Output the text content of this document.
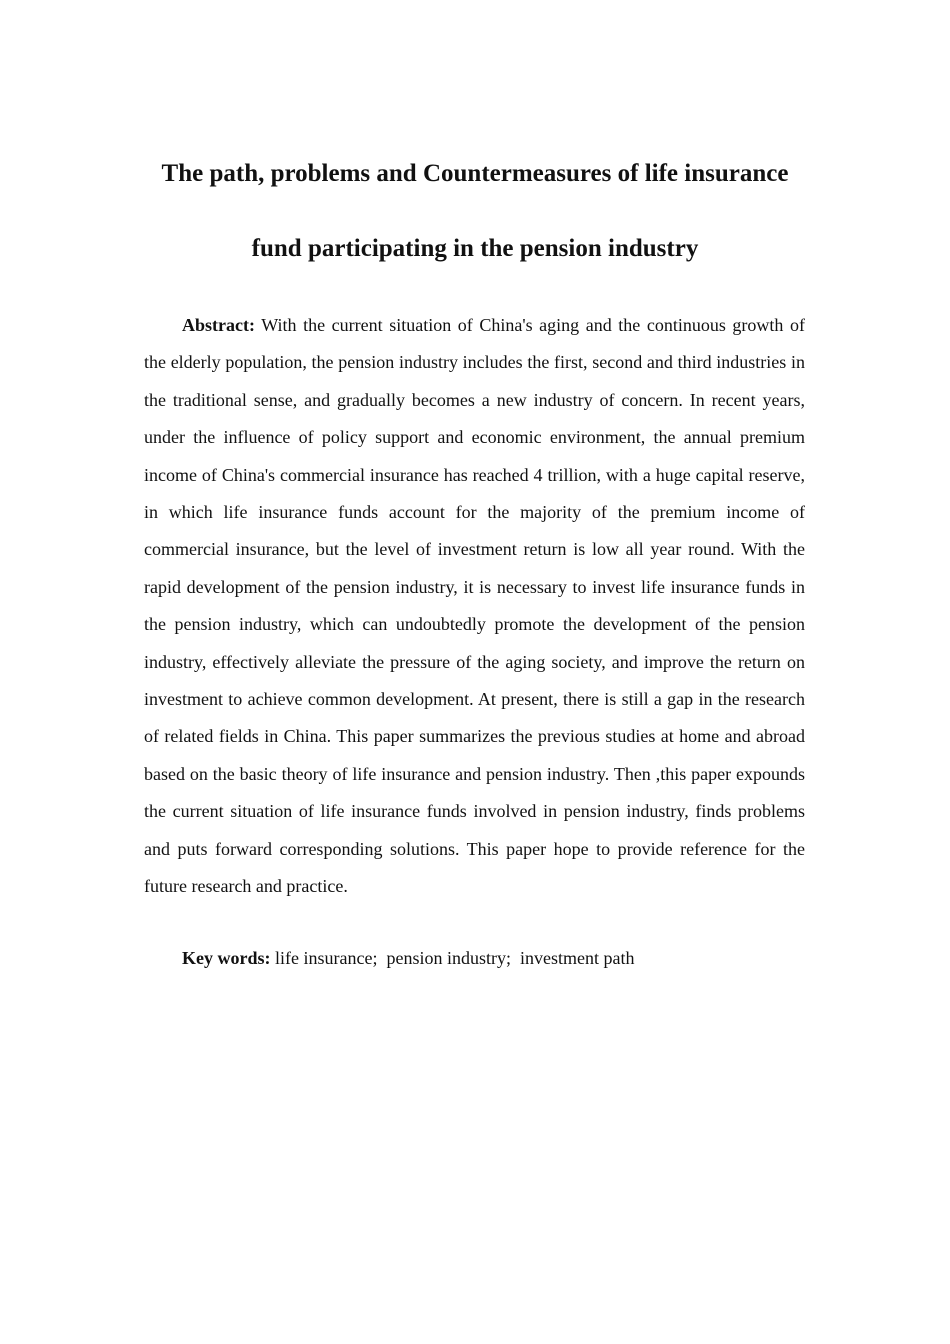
The path, problems and Countermeasures of life insurance
fund participating in the pension industry

Abstract: With the current situation of China's aging and the continuous growth of the elderly population, the pension industry includes the first, second and third industries in the traditional sense, and gradually becomes a new industry of concern. In recent years, under the influence of policy support and economic environment, the annual premium income of China's commercial insurance has reached 4 trillion, with a huge capital reserve, in which life insurance funds account for the majority of the premium income of commercial insurance, but the level of investment return is low all year round. With the rapid development of the pension industry, it is necessary to invest life insurance funds in the pension industry, which can undoubtedly promote the development of the pension industry, effectively alleviate the pressure of the aging society, and improve the return on investment to achieve common development. At present, there is still a gap in the research of related fields in China. This paper summarizes the previous studies at home and abroad based on the basic theory of life insurance and pension industry. Then ,this paper expounds the current situation of life insurance funds involved in pension industry, finds problems and puts forward corresponding solutions. This paper hope to provide reference for the future research and practice.

Key words: life insurance; pension industry; investment path
